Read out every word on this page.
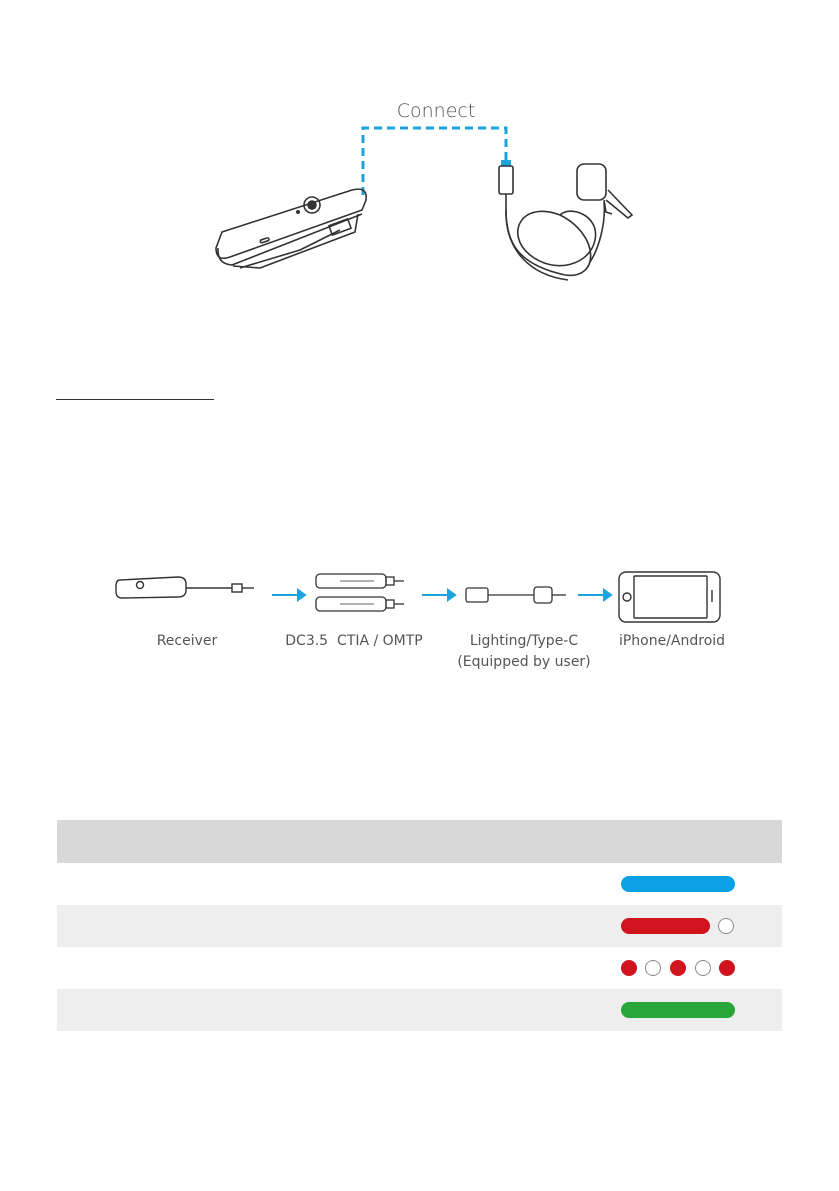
Connect
Receiver	DC3.5  CTIA / OMTP	Lighting/Type-C
(Equipped by user)
iPhone/Android
